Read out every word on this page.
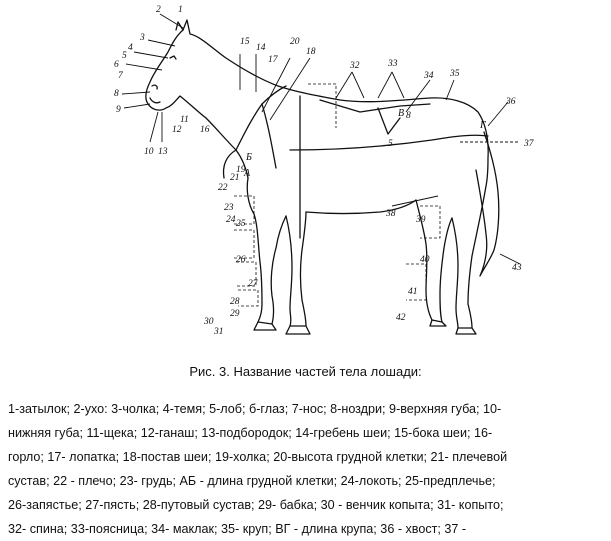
1
2
3
4
5
6
7
8
9
10
11
12
13
14
15
16
17
18
19
20
21
22
23
24 25
26
27
28
29
30
31
32	33
34 35
36
37
38
39
40
41
42
43
А
Б
В
Г
5
8
Рис. 3. Название частей тела лошади:
1-затылок; 2-ухо: 3-чолка; 4-темя; 5-лоб; б-глаз; 7-нос; 8-ноздри; 9-верхняя губа; 10-
нижняя губа; 11-щека; 12-ганаш; 13-подбородок; 14-гребень шеи; 15-бока шеи; 16-
горло; 17- лопатка; 18-постав шеи; 19-холка; 20-высота грудной клетки; 21- плечевой
сустав; 22 - плечо; 23- грудь; АБ - длина грудной клетки; 24-локоть; 25-предплечье;
26-запястье; 27-пясть; 28-путовый сустав; 29- бабка; 30 - венчик копыта; 31- копыто;
32- спина; 33-поясница; 34- маклак; 35- круп; ВГ - длина крупа; 36 - хвост; 37 -
